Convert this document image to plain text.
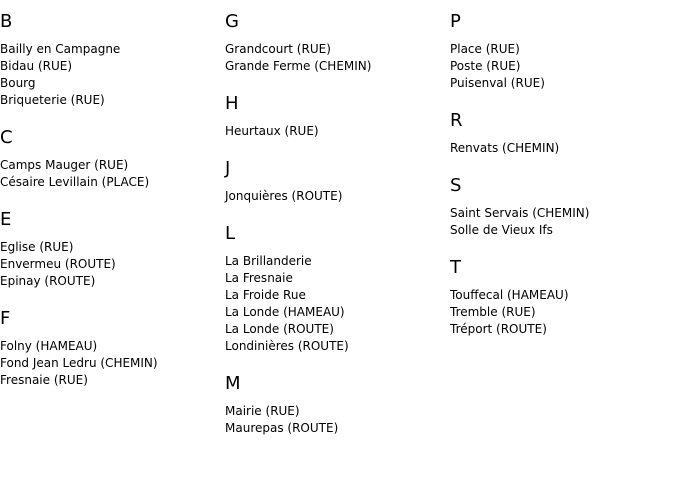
B
Bailly en Campagne
Bidau (RUE)
Bourg
Briqueterie (RUE)
C
Camps Mauger (RUE)
Césaire Levillain (PLACE)
E
Eglise (RUE)
Envermeu (ROUTE)
Epinay (ROUTE)
F
Folny (HAMEAU)
Fond Jean Ledru (CHEMIN)
Fresnaie (RUE)
G
Grandcourt (RUE)
Grande Ferme (CHEMIN)
H
Heurtaux (RUE)
J
Jonquières (ROUTE)
L
La Brillanderie
La Fresnaie
La Froide Rue
La Londe (HAMEAU)
La Londe (ROUTE)
Londinières (ROUTE)
M
Mairie (RUE)
Maurepas (ROUTE)
P
Place (RUE)
Poste (RUE)
Puisenval (RUE)
R
Renvats (CHEMIN)
S
Saint Servais (CHEMIN)
Solle de Vieux Ifs
T
Touffecal (HAMEAU)
Tremble (RUE)
Tréport (ROUTE)
